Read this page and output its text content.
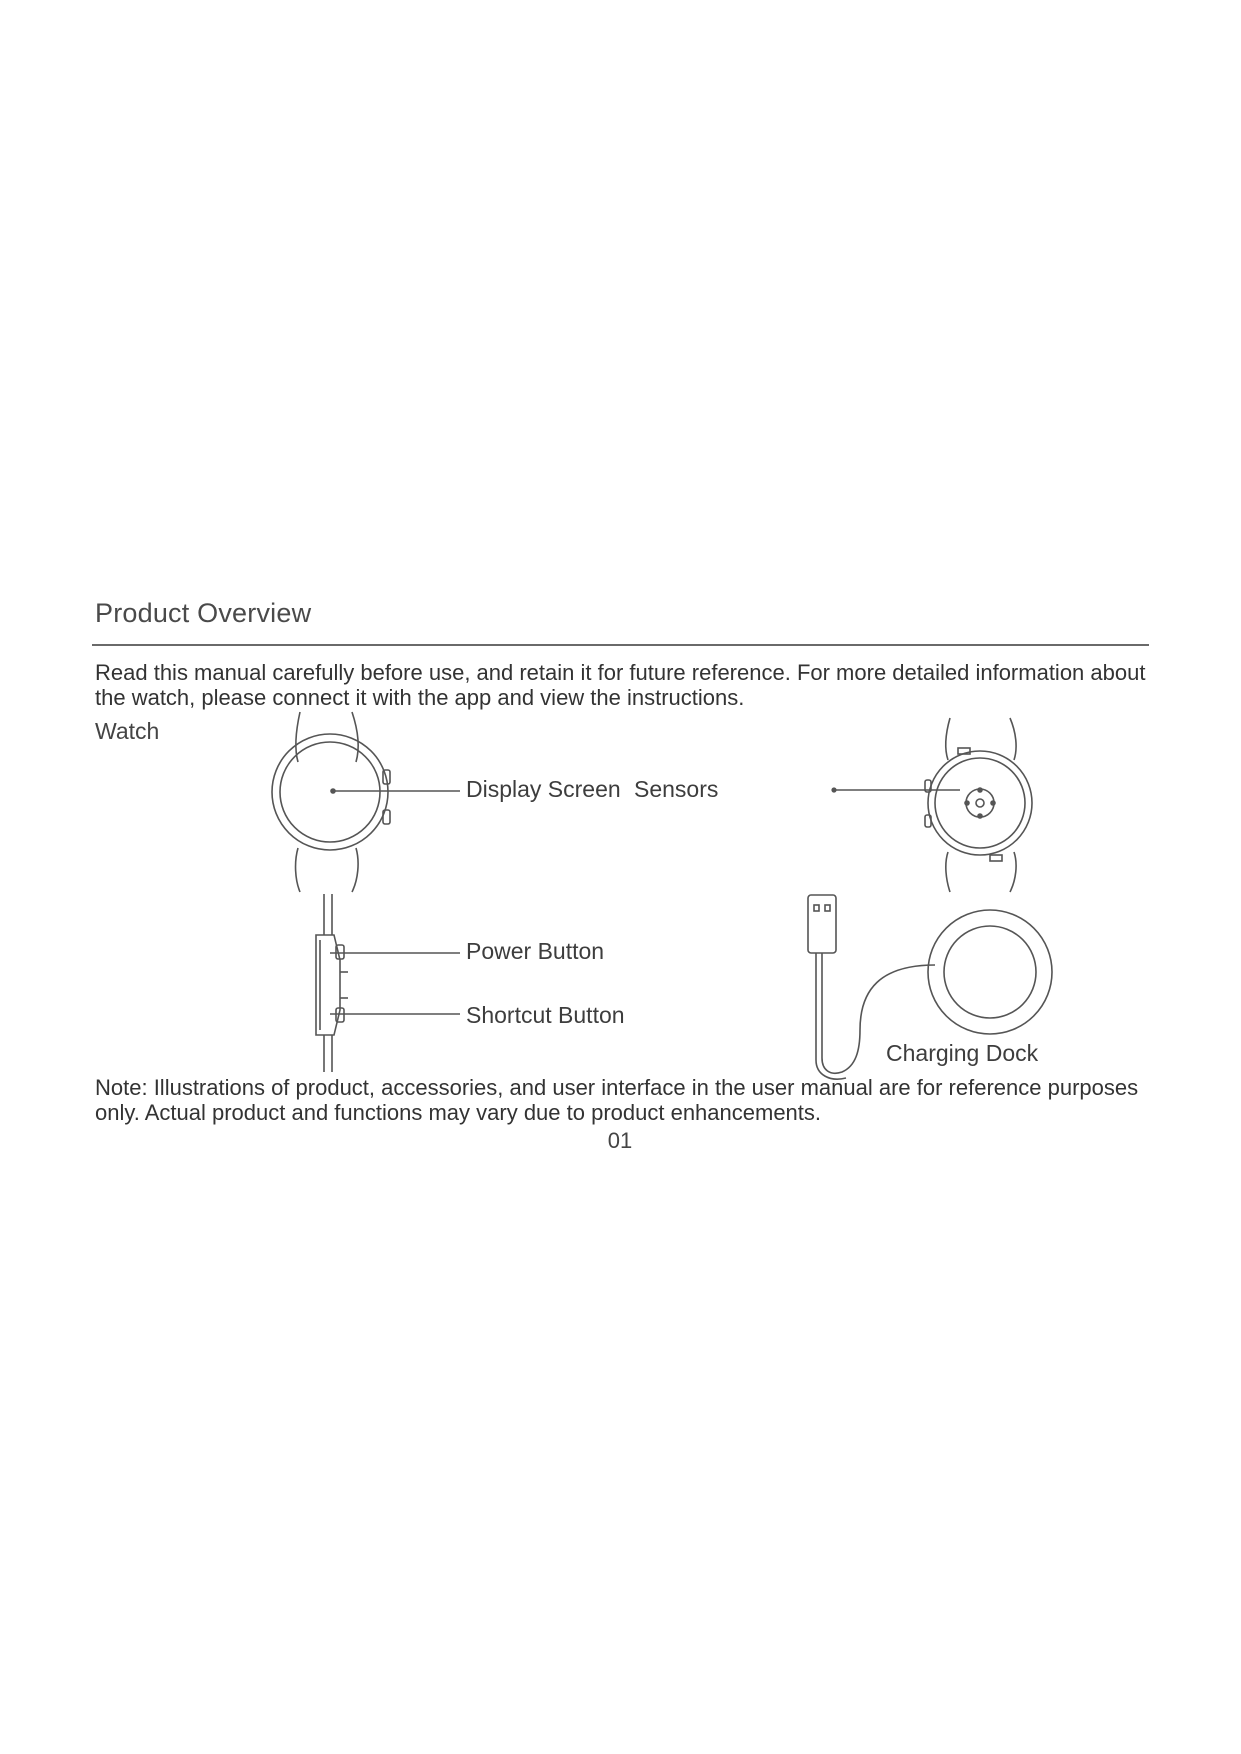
Product Overview
Read this manual carefully before use, and retain it for future reference. For more detailed information about the watch, please connect it with the app and view the instructions.
Watch
Display Screen Sensors
Power Button
Shortcut Button
Charging Dock
Note: Illustrations of product, accessories, and user interface in the user manual are for reference purposes only. Actual product and functions may vary due to product enhancements.
01
